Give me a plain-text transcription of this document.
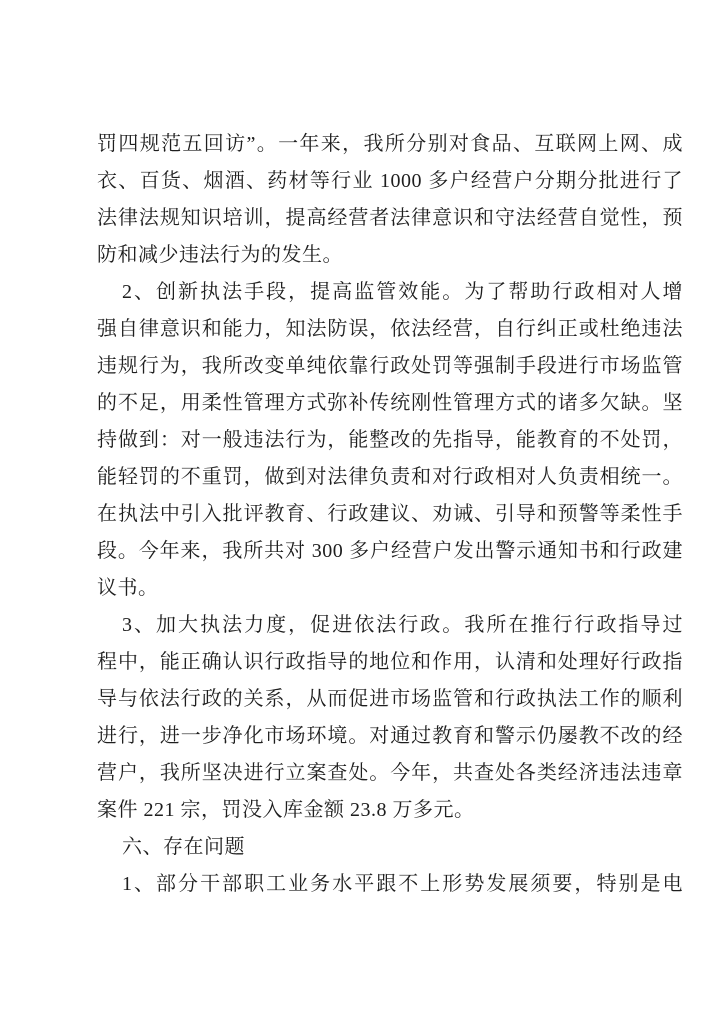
罚四规范五回访”。一年来，我所分别对食品、互联网上网、成
衣、百货、烟酒、药材等行业 1000 多户经营户分期分批进行了
法律法规知识培训，提高经营者法律意识和守法经营自觉性，预
防和减少违法行为的发生。
2、创新执法手段，提高监管效能。为了帮助行政相对人增
强自律意识和能力，知法防误，依法经营，自行纠正或杜绝违法
违规行为，我所改变单纯依靠行政处罚等强制手段进行市场监管
的不足，用柔性管理方式弥补传统刚性管理方式的诸多欠缺。坚
持做到：对一般违法行为，能整改的先指导，能教育的不处罚，
能轻罚的不重罚，做到对法律负责和对行政相对人负责相统一。
在执法中引入批评教育、行政建议、劝诫、引导和预警等柔性手
段。今年来，我所共对 300 多户经营户发出警示通知书和行政建
议书。
3、加大执法力度，促进依法行政。我所在推行行政指导过
程中，能正确认识行政指导的地位和作用，认清和处理好行政指
导与依法行政的关系，从而促进市场监管和行政执法工作的顺利
进行，进一步净化市场环境。对通过教育和警示仍屡教不改的经
营户，我所坚决进行立案查处。今年，共查处各类经济违法违章
案件 221 宗，罚没入库金额 23.8 万多元。
六、存在问题
1、部分干部职工业务水平跟不上形势发展须要，特别是电
